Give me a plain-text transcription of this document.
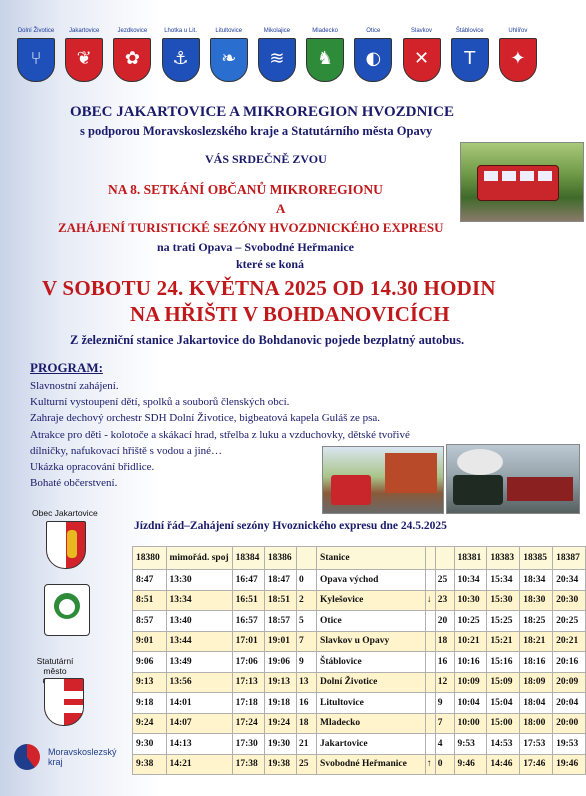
Dolní Životice
⑂
Jakartovice
❦
Jezdkovice
✿
Lhotka u Lit.
⚓
Litultovice
❧
Mikolajice
≋
Mladecko
♞
Otice
◐
Slavkov
✕
Štáblovice
T
Uhlířov
✦
OBEC JAKARTOVICE A MIKROREGION HVOZDNICE
s podporou Moravskoslezského kraje a Statutárního města Opavy
VÁS SRDEČNĚ ZVOU
NA 8. SETKÁNÍ OBČANŮ MIKROREGIONU
A
ZAHÁJENÍ TURISTICKÉ SEZÓNY HVOZDNICKÉHO EXPRESU
na trati Opava – Svobodné Heřmanice
které se koná
V SOBOTU 24. KVĚTNA 2025 OD 14.30 HODIN
NA HŘIŠTI V BOHDANOVICÍCH
Z železniční stanice Jakartovice do Bohdanovic pojede bezplatný autobus.
PROGRAM:
Slavnostní zahájení.
Kulturní vystoupení dětí, spolků a souborů členských obcí.
Zahraje dechový orchestr SDH Dolní Životice, bigbeatová kapela Guláš ze psa.
Atrakce pro děti - kolotoče a skákací hrad, střelba z luku a vzduchovky, dětské tvořivé dílničky, nafukovací hřiště s vodou a jiné…
Ukázka opracování břidlice.
Bohaté občerstvení.
Obec Jakartovice
Statutární město
Jízdní řád–Zahájení sezóny Hvoznického expresu dne 24.5.2025
18380	mimořád. spoj	18384	18386		Stanice			18381	18383	18385	18387
8:47	13:30	16:47	18:47	0	Opava východ		25	10:34	15:34	18:34	20:34
8:51	13:34	16:51	18:51	2	Kylešovice	↓	23	10:30	15:30	18:30	20:30
8:57	13:40	16:57	18:57	5	Otice		20	10:25	15:25	18:25	20:25
9:01	13:44	17:01	19:01	7	Slavkov u Opavy		18	10:21	15:21	18:21	20:21
9:06	13:49	17:06	19:06	9	Štáblovice		16	10:16	15:16	18:16	20:16
9:13	13:56	17:13	19:13	13	Dolní Životice		12	10:09	15:09	18:09	20:09
9:18	14:01	17:18	19:18	16	Litultovice		9	10:04	15:04	18:04	20:04
9:24	14:07	17:24	19:24	18	Mladecko		7	10:00	15:00	18:00	20:00
9:30	14:13	17:30	19:30	21	Jakartovice		4	9:53	14:53	17:53	19:53
9:38	14:21	17:38	19:38	25	Svobodné Heřmanice	↑	0	9:46	14:46	17:46	19:46
Moravskoslezský
kraj
